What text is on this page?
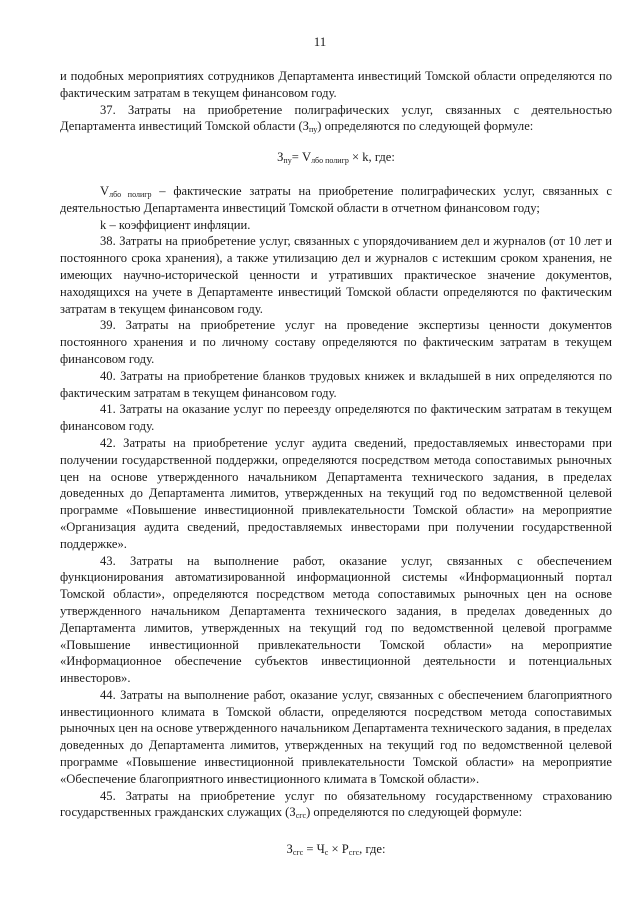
11

и подобных мероприятиях сотрудников Департамента инвестиций Томской области определяются по фактическим затратам в текущем финансовом году.

37. Затраты на приобретение полиграфических услуг, связанных с деятельностью Департамента инвестиций Томской области $(З_{пу})$ определяются по следующей формуле:

$З_{пу}= V_{лбо полигр} \times k$, где:

$V_{лбо полигр}$ – фактические затраты на приобретение полиграфических услуг, связанных с деятельностью Департамента инвестиций Томской области в отчетном финансовом году;

k – коэффициент инфляции.

38. Затраты на приобретение услуг, связанных с упорядочиванием дел и журналов (от 10 лет и постоянного срока хранения), а также утилизацию дел и журналов с истекшим сроком хранения, не имеющих научно-исторической ценности и утративших практическое значение документов, находящихся на учете в Департаменте инвестиций Томской области определяются по фактическим затратам в текущем финансовом году.

39. Затраты на приобретение услуг на проведение экспертизы ценности документов постоянного хранения и по личному составу определяются по фактическим затратам в текущем финансовом году.

40. Затраты на приобретение бланков трудовых книжек и вкладышей в них определяются по фактическим затратам в текущем финансовом году.

41. Затраты на оказание услуг по переезду определяются по фактическим затратам в текущем финансовом году.

42. Затраты на приобретение услуг аудита сведений, предоставляемых инвесторами при получении государственной поддержки, определяются посредством метода сопоставимых рыночных цен на основе утвержденного начальником Департамента технического задания, в пределах доведенных до Департамента лимитов, утвержденных на текущий год по ведомственной целевой программе «Повышение инвестиционной привлекательности Томской области» на мероприятие «Организация аудита сведений, предоставляемых инвесторами при получении государственной поддержке».

43. Затраты на выполнение работ, оказание услуг, связанных с обеспечением функционирования автоматизированной информационной системы «Информационный портал Томской области», определяются посредством метода сопоставимых рыночных цен на основе утвержденного начальником Департамента технического задания, в пределах доведенных до Департамента лимитов, утвержденных на текущий год по ведомственной целевой программе «Повышение инвестиционной привлекательности Томской области» на мероприятие «Информационное обеспечение субъектов инвестиционной деятельности и потенциальных инвесторов».

44. Затраты на выполнение работ, оказание услуг, связанных с обеспечением благоприятного инвестиционного климата в Томской области, определяются посредством метода сопоставимых рыночных цен на основе утвержденного начальником Департамента технического задания, в пределах доведенных до Департамента лимитов, утвержденных на текущий год по ведомственной целевой программе «Повышение инвестиционной привлекательности Томской области» на мероприятие «Обеспечение благоприятного инвестиционного климата в Томской области».

45. Затраты на приобретение услуг по обязательному государственному страхованию государственных гражданских служащих $(З_{сгс})$ определяются по следующей формуле:

$З_{сгс} = Ч_с \times Р_{сгс}$, где:
